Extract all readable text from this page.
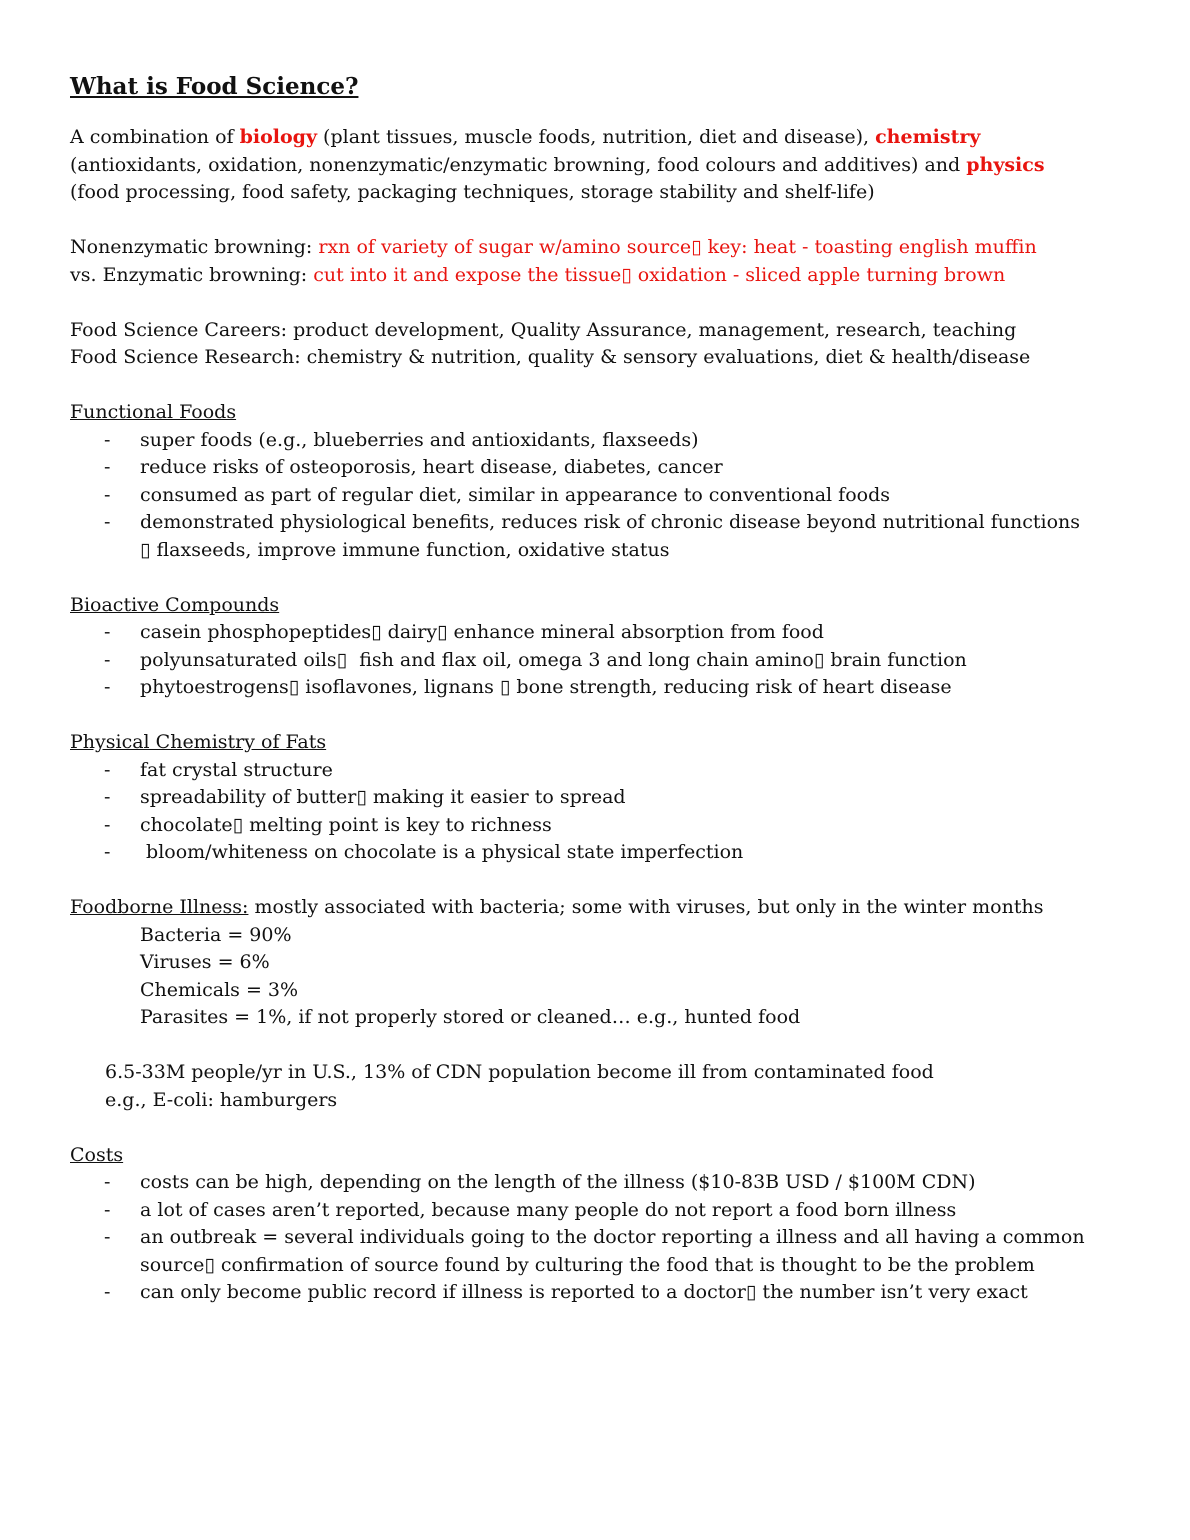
What is Food Science?

A combination of biology (plant tissues, muscle foods, nutrition, diet and disease), chemistry

(antioxidants, oxidation, nonenzymatic/enzymatic browning, food colours and additives) and physics

(food processing, food safety, packaging techniques, storage stability and shelf-life)

Nonenzymatic browning: rxn of variety of sugar w/amino source▯ key: heat - toasting english muffin

vs. Enzymatic browning: cut into it and expose the tissue▯ oxidation - sliced apple turning brown

Food Science Careers: product development, Quality Assurance, management, research, teaching

Food Science Research: chemistry & nutrition, quality & sensory evaluations, diet & health/disease

Functional Foods

- super foods (e.g., blueberries and antioxidants, flaxseeds)

- reduce risks of osteoporosis, heart disease, diabetes, cancer

- consumed as part of regular diet, similar in appearance to conventional foods

- demonstrated physiological benefits, reduces risk of chronic disease beyond nutritional functions

▯ flaxseeds, improve immune function, oxidative status

Bioactive Compounds

- casein phosphopeptides▯ dairy▯ enhance mineral absorption from food

- polyunsaturated oils▯  fish and flax oil, omega 3 and long chain amino▯ brain function

- phytoestrogens▯ isoflavones, lignans ▯ bone strength, reducing risk of heart disease

Physical Chemistry of Fats

- fat crystal structure

- spreadability of butter▯ making it easier to spread

- chocolate▯ melting point is key to richness

- bloom/whiteness on chocolate is a physical state imperfection

Foodborne Illness: mostly associated with bacteria; some with viruses, but only in the winter months

Bacteria = 90%

Viruses = 6%

Chemicals = 3%

Parasites = 1%, if not properly stored or cleaned… e.g., hunted food

6.5-33M people/yr in U.S., 13% of CDN population become ill from contaminated food

e.g., E-coli: hamburgers

Costs

- costs can be high, depending on the length of the illness ($10-83B USD / $100M CDN)

- a lot of cases aren’t reported, because many people do not report a food born illness

- an outbreak = several individuals going to the doctor reporting a illness and all having a common

source▯ confirmation of source found by culturing the food that is thought to be the problem

- can only become public record if illness is reported to a doctor▯ the number isn’t very exact
